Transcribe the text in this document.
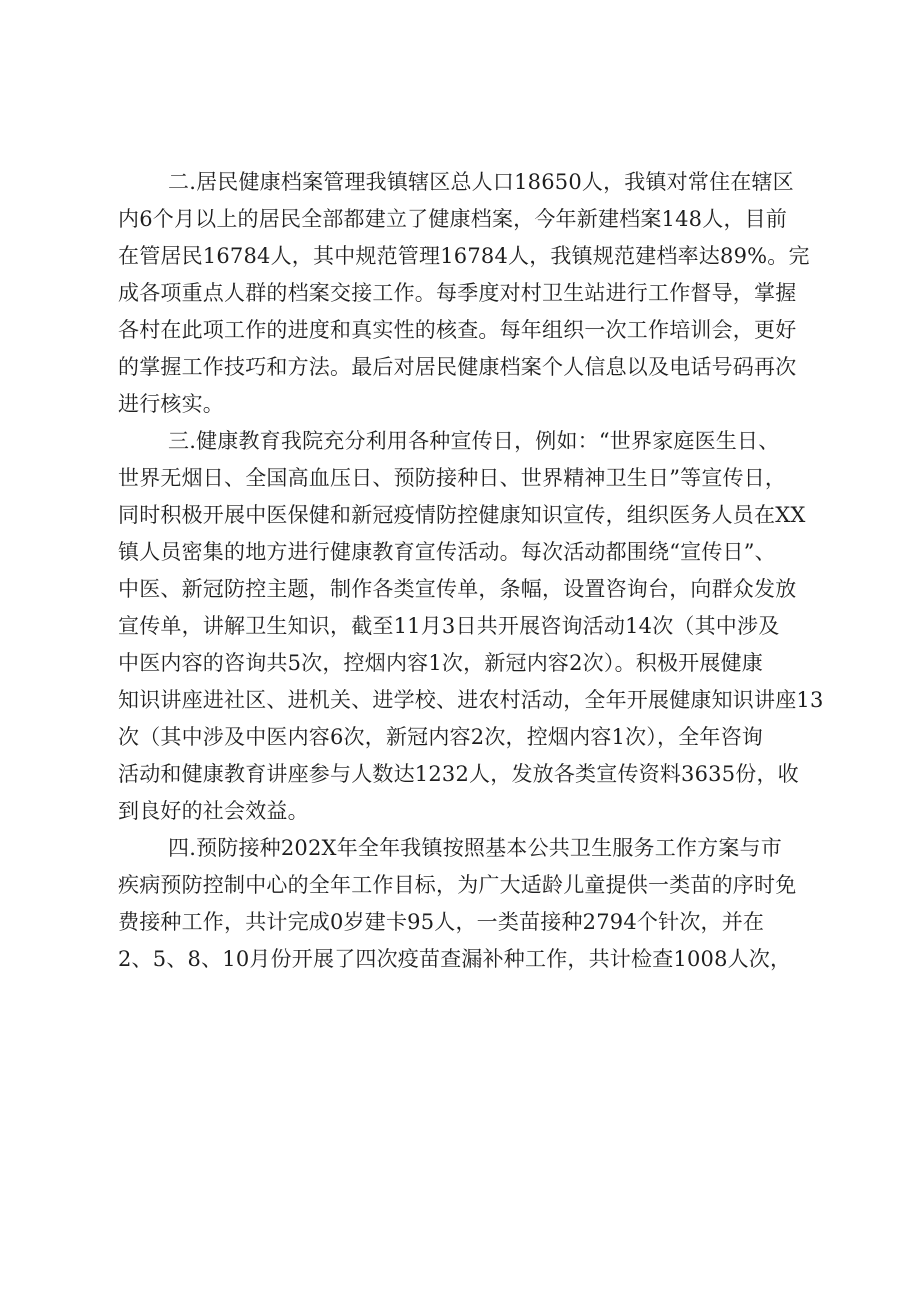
二.居民健康档案管理我镇辖区总人口18650人，我镇对常住在辖区
内6个月以上的居民全部都建立了健康档案，今年新建档案148人，目前
在管居民16784人，其中规范管理16784人，我镇规范建档率达89%。完
成各项重点人群的档案交接工作。每季度对村卫生站进行工作督导，掌握
各村在此项工作的进度和真实性的核查。每年组织一次工作培训会，更好
的掌握工作技巧和方法。最后对居民健康档案个人信息以及电话号码再次
进行核实。
三.健康教育我院充分利用各种宣传日，例如：“世界家庭医生日、
世界无烟日、全国高血压日、预防接种日、世界精神卫生日”等宣传日，
同时积极开展中医保健和新冠疫情防控健康知识宣传，组织医务人员在XX
镇人员密集的地方进行健康教育宣传活动。每次活动都围绕“宣传日”、
中医、新冠防控主题，制作各类宣传单，条幅，设置咨询台，向群众发放
宣传单，讲解卫生知识，截至11月3日共开展咨询活动14次（其中涉及
中医内容的咨询共5次，控烟内容1次，新冠内容2次）。积极开展健康
知识讲座进社区、进机关、进学校、进农村活动，全年开展健康知识讲座13
次（其中涉及中医内容6次，新冠内容2次，控烟内容1次），全年咨询
活动和健康教育讲座参与人数达1232人，发放各类宣传资料3635份，收
到良好的社会效益。
四.预防接种202X年全年我镇按照基本公共卫生服务工作方案与市
疾病预防控制中心的全年工作目标，为广大适龄儿童提供一类苗的序时免
费接种工作，共计完成0岁建卡95人，一类苗接种2794个针次，并在
2、5、8、10月份开展了四次疫苗查漏补种工作，共计检查1008人次，
